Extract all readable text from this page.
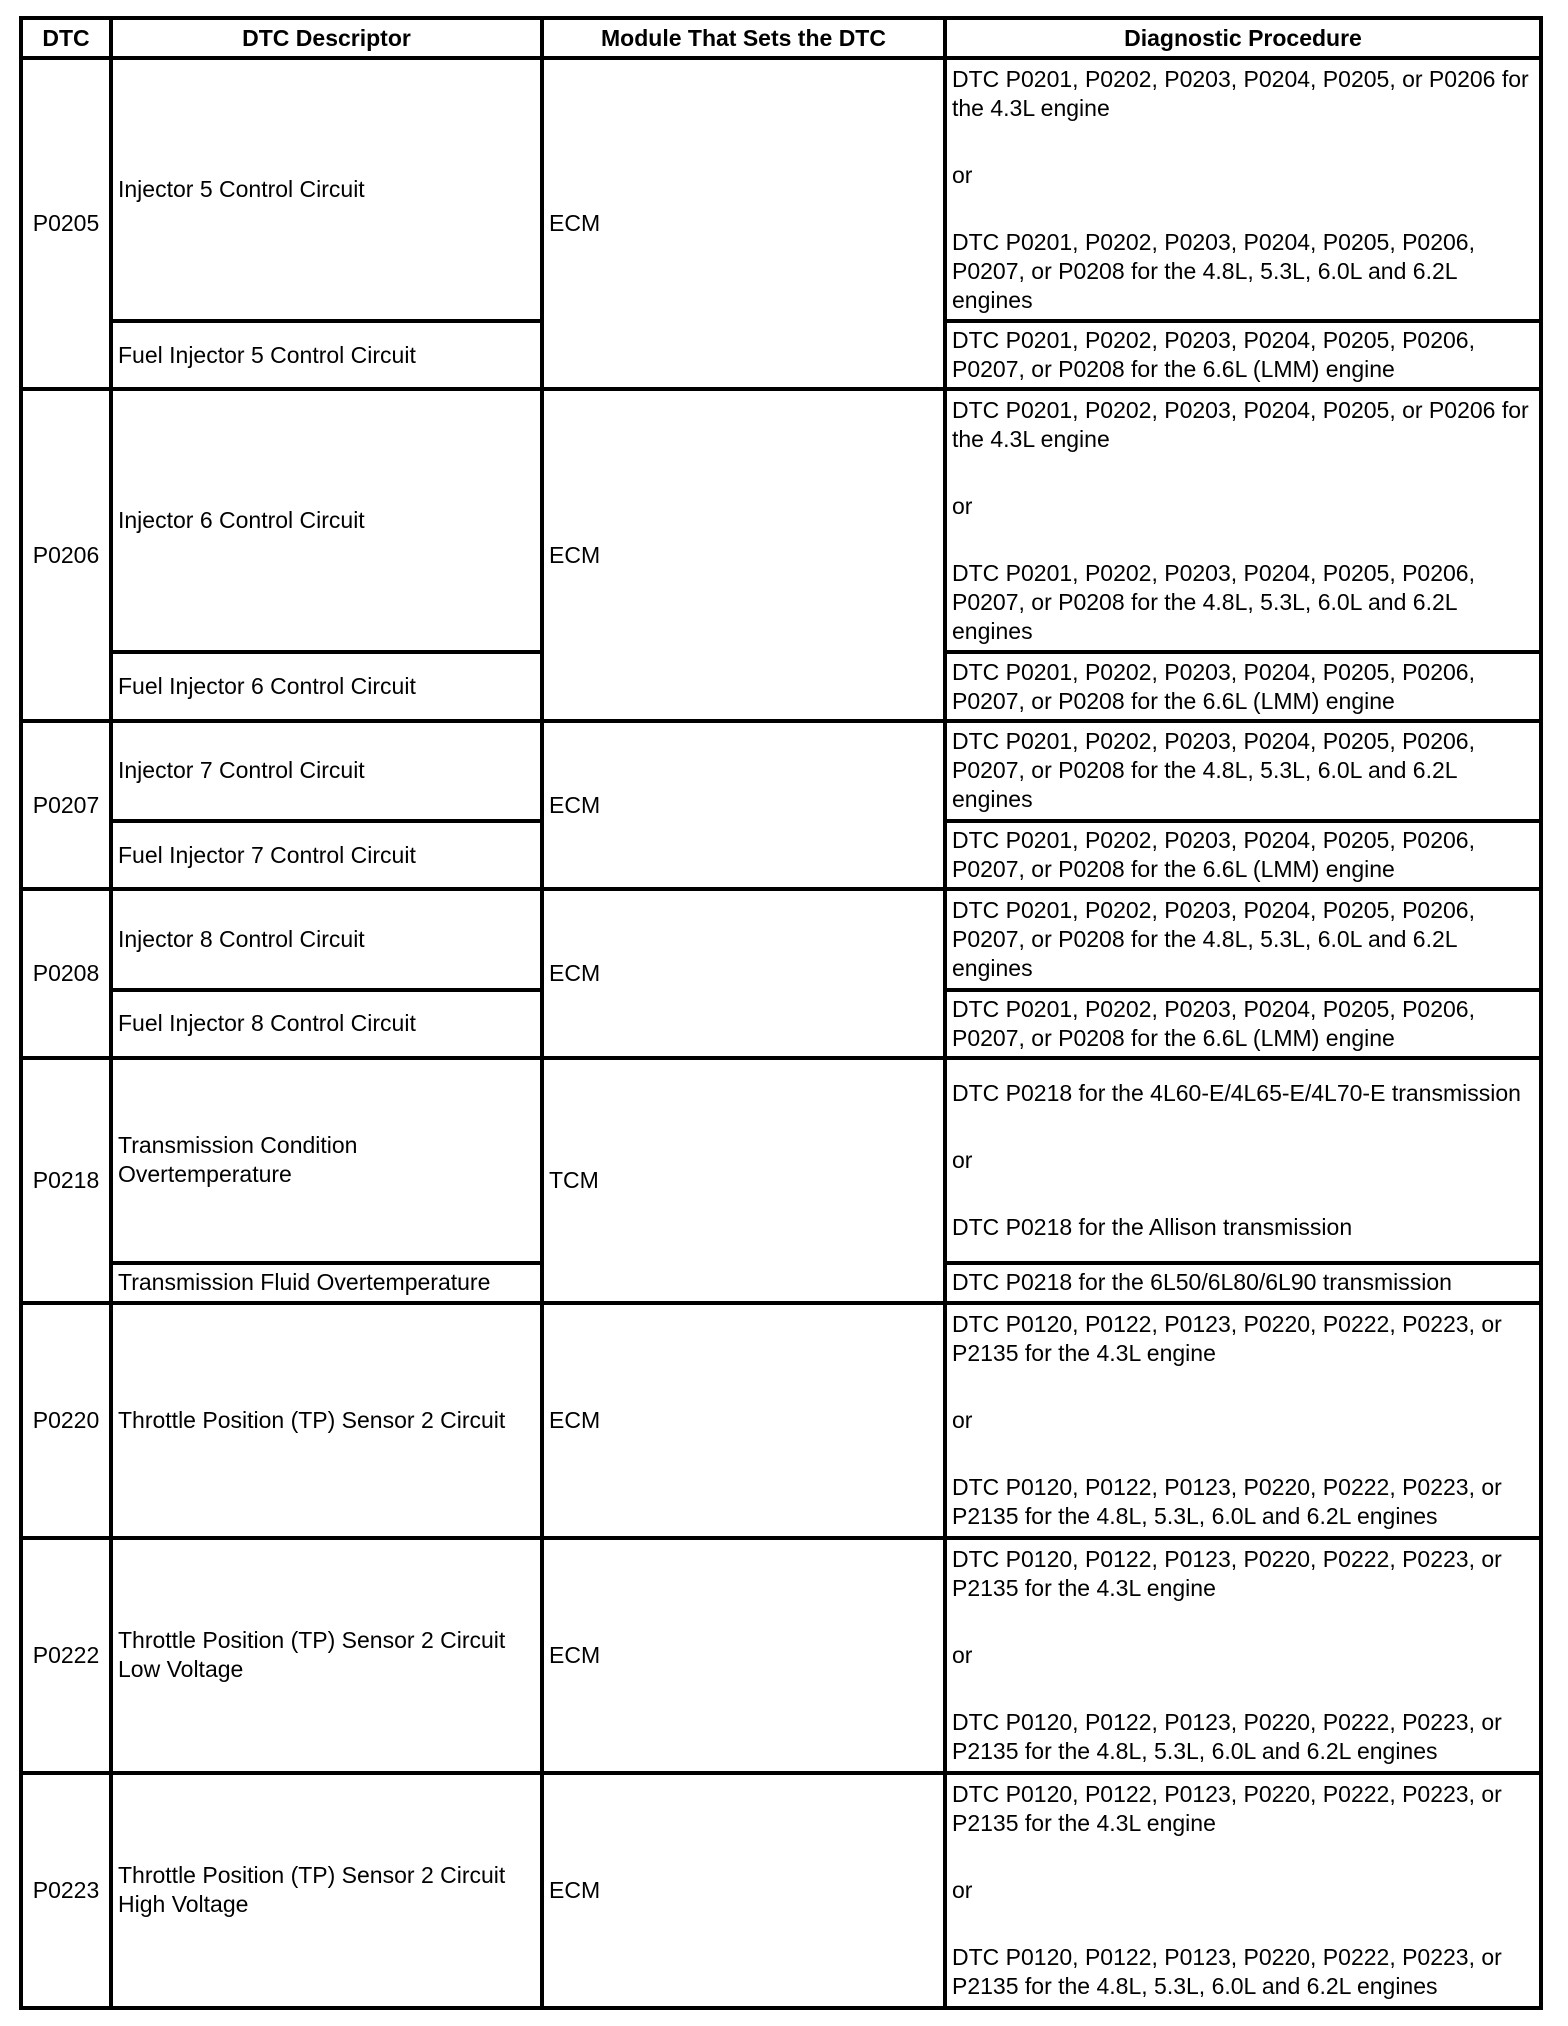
DTC	DTC Descriptor	Module That Sets the DTC	Diagnostic Procedure
P0205	Injector 5 Control Circuit	ECM	DTC P0201, P0202, P0203, P0204, P0205, or P0206 for the 4.3L engine
or
DTC P0201, P0202, P0203, P0204, P0205, P0206, P0207, or P0208 for the 4.8L, 5.3L, 6.0L and 6.2L engines

	Fuel Injector 5 Control Circuit		DTC P0201, P0202, P0203, P0204, P0205, P0206, P0207, or P0208 for the 6.6L (LMM) engine

P0206	Injector 6 Control Circuit	ECM	DTC P0201, P0202, P0203, P0204, P0205, or P0206 for the 4.3L engine
or
DTC P0201, P0202, P0203, P0204, P0205, P0206, P0207, or P0208 for the 4.8L, 5.3L, 6.0L and 6.2L engines

	Fuel Injector 6 Control Circuit		DTC P0201, P0202, P0203, P0204, P0205, P0206, P0207, or P0208 for the 6.6L (LMM) engine

P0207	Injector 7 Control Circuit	ECM	DTC P0201, P0202, P0203, P0204, P0205, P0206, P0207, or P0208 for the 4.8L, 5.3L, 6.0L and 6.2L engines

	Fuel Injector 7 Control Circuit		DTC P0201, P0202, P0203, P0204, P0205, P0206, P0207, or P0208 for the 6.6L (LMM) engine

P0208	Injector 8 Control Circuit	ECM	DTC P0201, P0202, P0203, P0204, P0205, P0206, P0207, or P0208 for the 4.8L, 5.3L, 6.0L and 6.2L engines

	Fuel Injector 8 Control Circuit		DTC P0201, P0202, P0203, P0204, P0205, P0206, P0207, or P0208 for the 6.6L (LMM) engine

P0218	Transmission Condition Overtemperature	TCM	DTC P0218 for the 4L60-E/4L65-E/4L70-E transmission
or
DTC P0218 for the Allison transmission

	Transmission Fluid Overtemperature		DTC P0218 for the 6L50/6L80/6L90 transmission

P0220	Throttle Position (TP) Sensor 2 Circuit	ECM	DTC P0120, P0122, P0123, P0220, P0222, P0223, or P2135 for the 4.3L engine
or
DTC P0120, P0122, P0123, P0220, P0222, P0223, or P2135 for the 4.8L, 5.3L, 6.0L and 6.2L engines

P0222	Throttle Position (TP) Sensor 2 Circuit Low Voltage	ECM	DTC P0120, P0122, P0123, P0220, P0222, P0223, or P2135 for the 4.3L engine
or
DTC P0120, P0122, P0123, P0220, P0222, P0223, or P2135 for the 4.8L, 5.3L, 6.0L and 6.2L engines

P0223	Throttle Position (TP) Sensor 2 Circuit High Voltage	ECM	DTC P0120, P0122, P0123, P0220, P0222, P0223, or P2135 for the 4.3L engine
or
DTC P0120, P0122, P0123, P0220, P0222, P0223, or P2135 for the 4.8L, 5.3L, 6.0L and 6.2L engines
